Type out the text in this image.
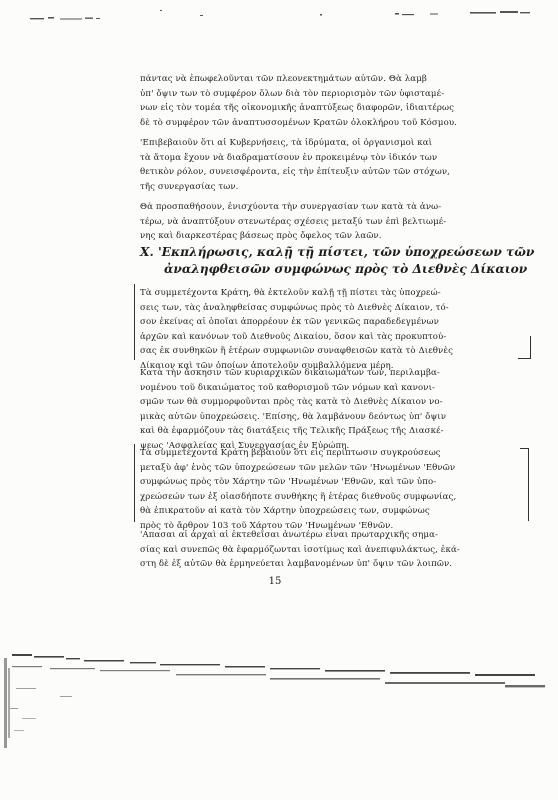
πάντας νὰ ἐπωφελοῦνται τῶν πλεονεκτημάτων αὐτῶν. Θὰ λαμβ
ὑπ' ὄψιν των τὸ συμφέρον ὅλων διὰ τὸν περιορισμὸν τῶν ὑφισταμέ-
νων εἰς τὸν τομέα τῆς οἰκονομικῆς ἀναπτύξεως διαφορῶν, ἰδιαιτέρως
δὲ τὸ συμφέρον τῶν ἀναπτυσσομένων Κρατῶν ὁλοκλήρου τοῦ Κόσμου.

'Επιβεβαιοῦν ὅτι αἱ Κυβερνήσεις, τὰ ἱδρύματα, οἱ ὀργανισμοὶ καὶ
τὰ ἄτομα ἔχουν νὰ διαδραματίσουν ἐν προκειμένῳ τὸν ἰδικόν των
θετικὸν ρόλον, συνεισφέροντα, εἰς τὴν ἐπίτευξιν αὐτῶν τῶν στόχων,
τῆς συνεργασίας των.

Θὰ προσπαθήσουν, ἐνισχύοντα τὴν συνεργασίαν των κατὰ τὰ ἀνω-
τέρω, νὰ ἀναπτύξουν στενωτέρας σχέσεις μεταξύ των ἐπὶ βελτιωμέ-
νης καὶ διαρκεστέρας βάσεως πρὸς ὄφελος τῶν λαῶν.

X. 'Εκπλήρωσις, καλῇ τῇ πίστει, τῶν ὑποχρεώσεων τῶν
ἀναληφθεισῶν συμφώνως πρὸς τὸ Διεθνὲς Δίκαιον

Τὰ συμμετέχοντα Κράτη, θὰ ἐκτελοῦν καλῇ τῇ πίστει τὰς ὑποχρεώ-
σεις των, τὰς ἀναληφθείσας συμφώνως πρὸς τὸ Διεθνὲς Δίκαιον, τό-
σον ἐκείνας αἱ ὁποῖαι ἀπορρέουν ἐκ τῶν γενικῶς παραδεδεγμένων
ἀρχῶν καὶ κανόνων τοῦ Διεθνοῦς Δικαίου, ὅσον καὶ τὰς προκυπτού-
σας ἐκ συνθηκῶν ἢ ἑτέρων συμφωνιῶν συναφθεισῶν κατὰ τὸ Διεθνὲς
Δίκαιον καὶ τῶν ὁποίων ἀποτελοῦν συμβαλλόμενα μέρη.

Κατὰ τὴν ἄσκησιν τῶν κυριαρχικῶν δικαιωμάτων των, περιλαμβα-
νομένου τοῦ δικαιώματος τοῦ καθορισμοῦ τῶν νόμων καὶ κανονι-
σμῶν των θὰ συμμορφοῦνται πρὸς τὰς κατὰ τὸ Διεθνὲς Δίκαιον νο-
μικὰς αὐτῶν ὑποχρεώσεις. 'Επίσης, θὰ λαμβάνουν δεόντως ὑπ' ὄψιν
καὶ θὰ ἐφαρμόζουν τὰς διατάξεις τῆς Τελικῆς Πράξεως τῆς Διασκέ-
ψεως 'Ασφαλείας καὶ Συνεργασίας ἐν Εὐρώπη.

Τὰ συμμετέχοντα Κράτη βεβαιοῦν ὅτι εἰς περίπτωσιν συγκρούσεως
μεταξὺ ἀφ' ἑνὸς τῶν ὑποχρεώσεων τῶν μελῶν τῶν 'Ηνωμένων 'Εθνῶν
συμφώνως πρὸς τὸν Χάρτην τῶν 'Ηνωμένων 'Εθνῶν, καὶ τῶν ὑπο-
χρεώσεών των ἐξ οἱασδήποτε συνθήκης ἢ ἑτέρας διεθνοῦς συμφωνίας,
θὰ ἐπικρατοῦν αἱ κατὰ τὸν Χάρτην ὑποχρεώσεις των, συμφώνως
πρὸς τὸ ἄρθρον 103 τοῦ Χάρτου τῶν 'Ηνωμένων 'Εθνῶν.

'Απασαι αἱ ἀρχαὶ αἱ ἐκτεθεῖσαι ἀνωτέρω εἶναι πρωταρχικῆς σημα-
σίας καὶ συνεπῶς θὰ ἐφαρμόζωνται ἰσοτίμως καὶ ἀνεπιφυλάκτως, ἑκά-
στη δὲ ἐξ αὐτῶν θὰ ἑρμηνεύεται λαμβανομένων ὑπ' ὄψιν τῶν λοιπῶν.

15
